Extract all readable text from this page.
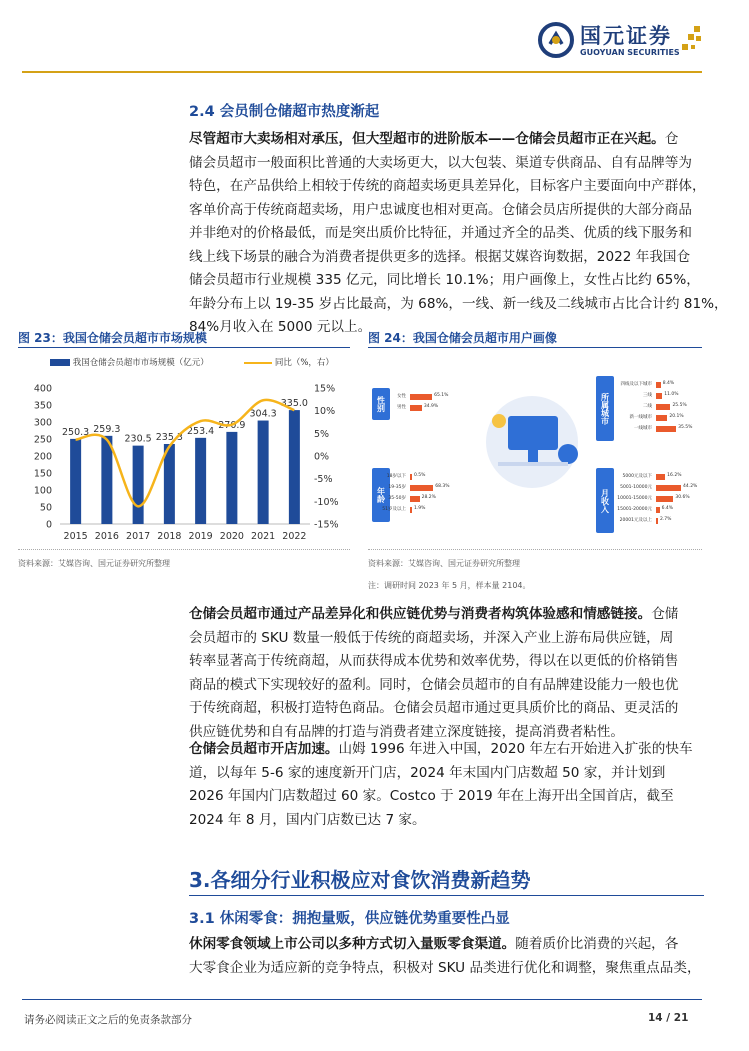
国元证券
GUOYUAN SECURITIES
2.4 会员制仓储超市热度渐起
尽管超市大卖场相对承压，但大型超市的进阶版本——仓储会员超市正在兴起。仓
储会员超市一般面积比普通的大卖场更大，以大包装、渠道专供商品、自有品牌等为
特色，在产品供给上相较于传统的商超卖场更具差异化，目标客户主要面向中产群体，
客单价高于传统商超卖场，用户忠诚度也相对更高。仓储会员店所提供的大部分商品
并非绝对的价格最低，而是突出质价比特征，并通过齐全的品类、优质的线下服务和
线上线下场景的融合为消费者提供更多的选择。根据艾媒咨询数据，2022 年我国仓
储会员超市行业规模 335 亿元，同比增长 10.1%；用户画像上，女性占比约 65%，
年龄分布上以 19-35 岁占比最高，为 68%，一线、新一线及二线城市占比合计约 81%，
84%月收入在 5000 元以上。
图 23：我国仓储会员超市市场规模
我国仓储会员超市市场规模（亿元）	同比（%，右）
0
50
100
150
200
250
300
350
400
-15%
-10%
-5%
0%
5%
10%
15%
250.3
2015
259.3
2016
230.5
2017
235.3
2018
253.4
2019
270.9
2020
304.3
2021
335.0
2022
资料来源：艾媒咨询、国元证券研究所整理
图 24：我国仓储会员超市用户画像
性别	女性	65.1%
男性	34.9%
年龄
18岁以下 0.5%
19-35岁	68.3%
35-50岁	28.2%
51岁及以上 1.9%
所属城市
四线及以下城市 8.4%
三线	11.0%
二线	25.5%
新一线城市	20.1%
一线城市	35.5%
月收入
5000元及以下	16.2%
5001-10000元	44.2%
10001-15000元	30.6%
15001-20000元 6.4%
20001元及以上 2.7%
资料来源：艾媒咨询、国元证券研究所整理
注：调研时间 2023 年 5 月，样本量 2104。
仓储会员超市通过产品差异化和供应链优势与消费者构筑体验感和情感链接。仓储
会员超市的 SKU 数量一般低于传统的商超卖场，并深入产业上游布局供应链，周
转率显著高于传统商超，从而获得成本优势和效率优势，得以在以更低的价格销售
商品的模式下实现较好的盈利。同时，仓储会员超市的自有品牌建设能力一般也优
于传统商超，积极打造特色商品。仓储会员超市通过更具质价比的商品、更灵活的
供应链优势和自有品牌的打造与消费者建立深度链接，提高消费者粘性。
仓储会员超市开店加速。山姆 1996 年进入中国，2020 年左右开始进入扩张的快车
道，以每年 5-6 家的速度新开门店，2024 年末国内门店数超 50 家，并计划到
2026 年国内门店数超过 60 家。Costco 于 2019 年在上海开出全国首店，截至
2024 年 8 月，国内门店数已达 7 家。
3.各细分行业积极应对食饮消费新趋势
3.1 休闲零食：拥抱量贩，供应链优势重要性凸显
休闲零食领域上市公司以多种方式切入量贩零食渠道。随着质价比消费的兴起，各
大零食企业为适应新的竞争特点，积极对 SKU 品类进行优化和调整，聚焦重点品类，
请务必阅读正文之后的免责条款部分	14 / 21
